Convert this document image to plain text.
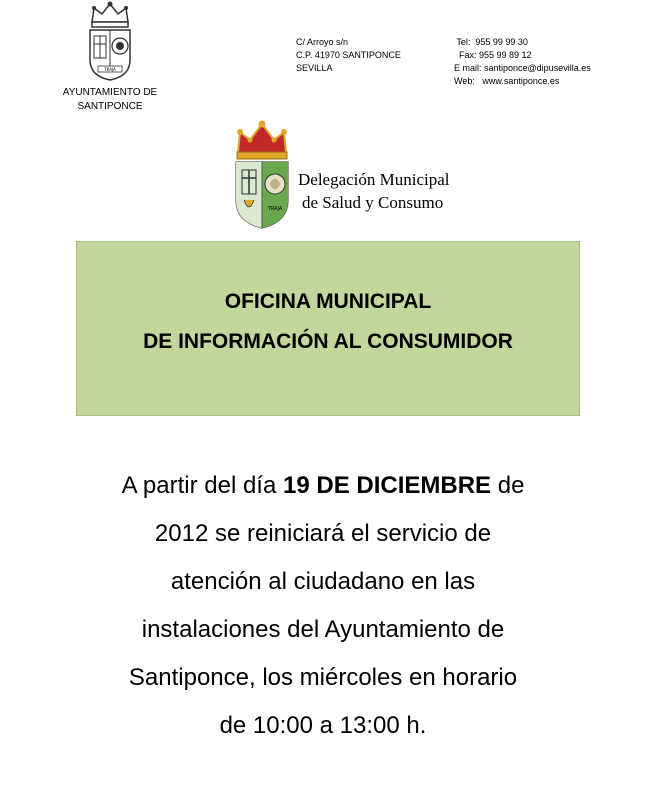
TRAJA
AYUNTAMIENTO DE
SANTIPONCE
C/ Arroyo s/n
C.P. 41970 SANTIPONCE
SEVILLA
Tel:  955 99 99 30
Fax: 955 99 89 12
E mail: santiponce@dipusevilla.es
Web:   www.santiponce.es
TRAJA
Delegación Municipal
de Salud y Consumo
OFICINA MUNICIPAL
DE INFORMACIÓN AL CONSUMIDOR
A partir del día 19 DE DICIEMBRE de
2012 se reiniciará el servicio de
atención al ciudadano en las
instalaciones del Ayuntamiento de
Santiponce, los miércoles en horario
de 10:00 a 13:00 h.
